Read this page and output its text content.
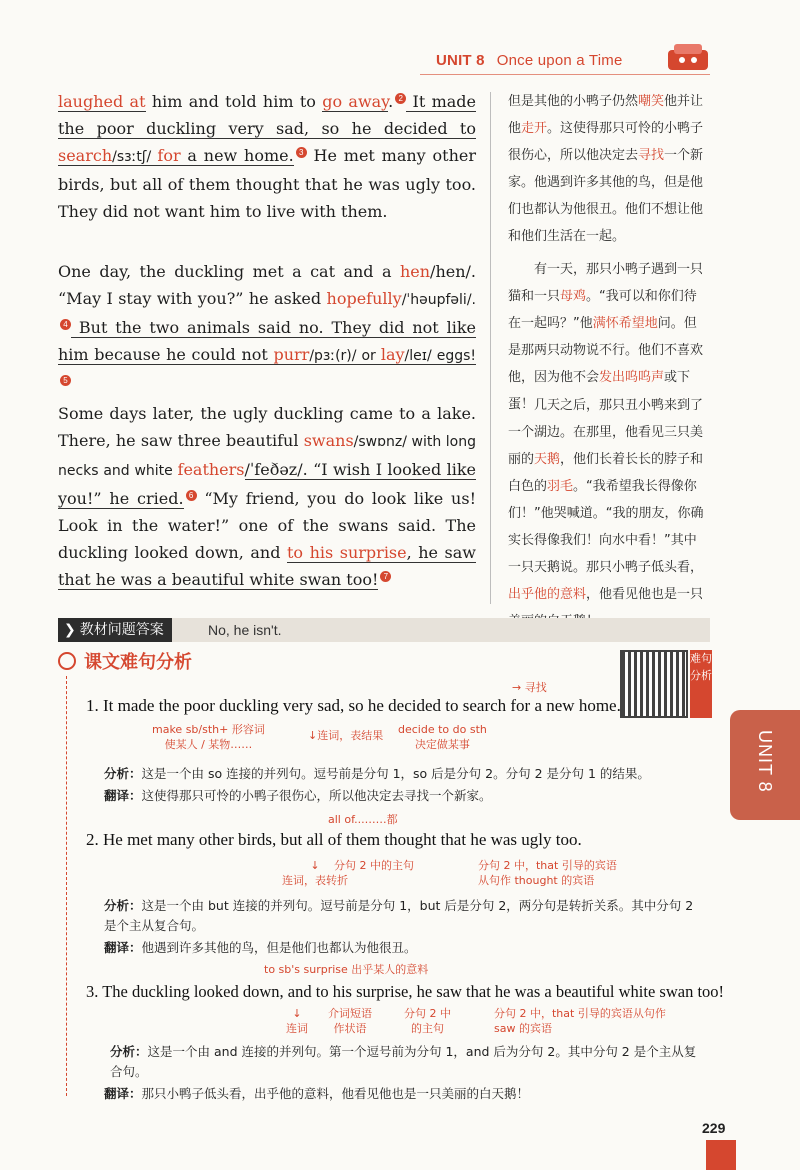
UNIT 8 Once upon a Time

laughed at him and told him to go away. 2 It made the poor duckling very sad, so he decided to search/sɜːtʃ/ for a new home. 3 He met many other birds, but all of them thought that he was ugly too. They did not want him to live with them.

One day, the duckling met a cat and a hen/hen/. “May I stay with you?” he asked hopefully/ˈhəupfəli/.4 But the two animals said no. They did not like him because he could not purr/pɜː(r)/ or lay/leɪ/ eggs!5

Some days later, the ugly duckling came to a lake. There, he saw three beautiful swans/swɒnz/ with long necks and white feathers/ˈfeðəz/. “I wish I looked like you!” he cried. 6 “My friend, you do look like us! Look in the water!” one of the swans said. The duckling looked down, and to his surprise, he saw that he was a beautiful white swan too! 7

但是其他的小鸭子仍然嘲笑他并让他走开。这使得那只可怜的小鸭子很伤心，所以他决定去寻找一个新家。他遇到许多其他的鸟，但是他们也都认为他很丑。他们不想让他和他们生活在一起。

有一天，那只小鸭子遇到一只猫和一只母鸡。“我可以和你们待在一起吗？”他满怀希望地问。但是那两只动物说不行。他们不喜欢他，因为他不会发出呜呜声或下蛋！ 几天之后，那只丑小鸭来到了一个湖边。在那里，他看见三只美丽的天鹅，他们长着长长的脖子和白色的羽毛。“我希望我长得像你们！”他哭喊道。“我的朋友，你确实长得像我们！向水中看！”其中一只天鹅说。那只小鸭子低头看，出乎他的意料，他看见他也是一只

❯ 教材问题答案	No, he isn't.
课文难句分析	难句分析
UNIT 8
→ 寻找
1. It made the poor duckling very sad, so he decided to search for a new home.
make sb/sth+ 形容词
使某人 / 某物……
↓连词，表结果 decide to do sth
决定做某事
分析：这是一个由 so 连接的并列句。逗号前是分句 1，so 后是分句 2。分句 2 是分句 1 的结果。
翻译：这使得那只可怜的小鸭子很伤心，所以他决定去寻找一个新家。
all of...……都
2. He met many other birds, but all of them thought that he was ugly too.
↓
连词，表转折
分句 2 中的主句	分句 2 中，that 引导的宾语
从句作 thought 的宾语
分析：这是一个由 but 连接的并列句。逗号前是分句 1，but 后是分句 2，两分句是转折关系。其中分句 2 是个主从复合句。
翻译：他遇到许多其他的鸟，但是他们也都认为他很丑。
to sb's surprise 出乎某人的意料
3. The duckling looked down, and to his surprise, he saw that he was a beautiful white swan too!
↓
连词
介词短语
作状语
分句 2 中
的主句
分句 2 中，that 引导的宾语从句作
saw 的宾语
分析：这是一个由 and 连接的并列句。第一个逗号前为分句 1，and 后为分句 2。其中分句 2 是个主从复合句。
翻译：那只小鸭子低头看，出乎他的意料，他看见他也是一只美丽的白天鹅！
229
